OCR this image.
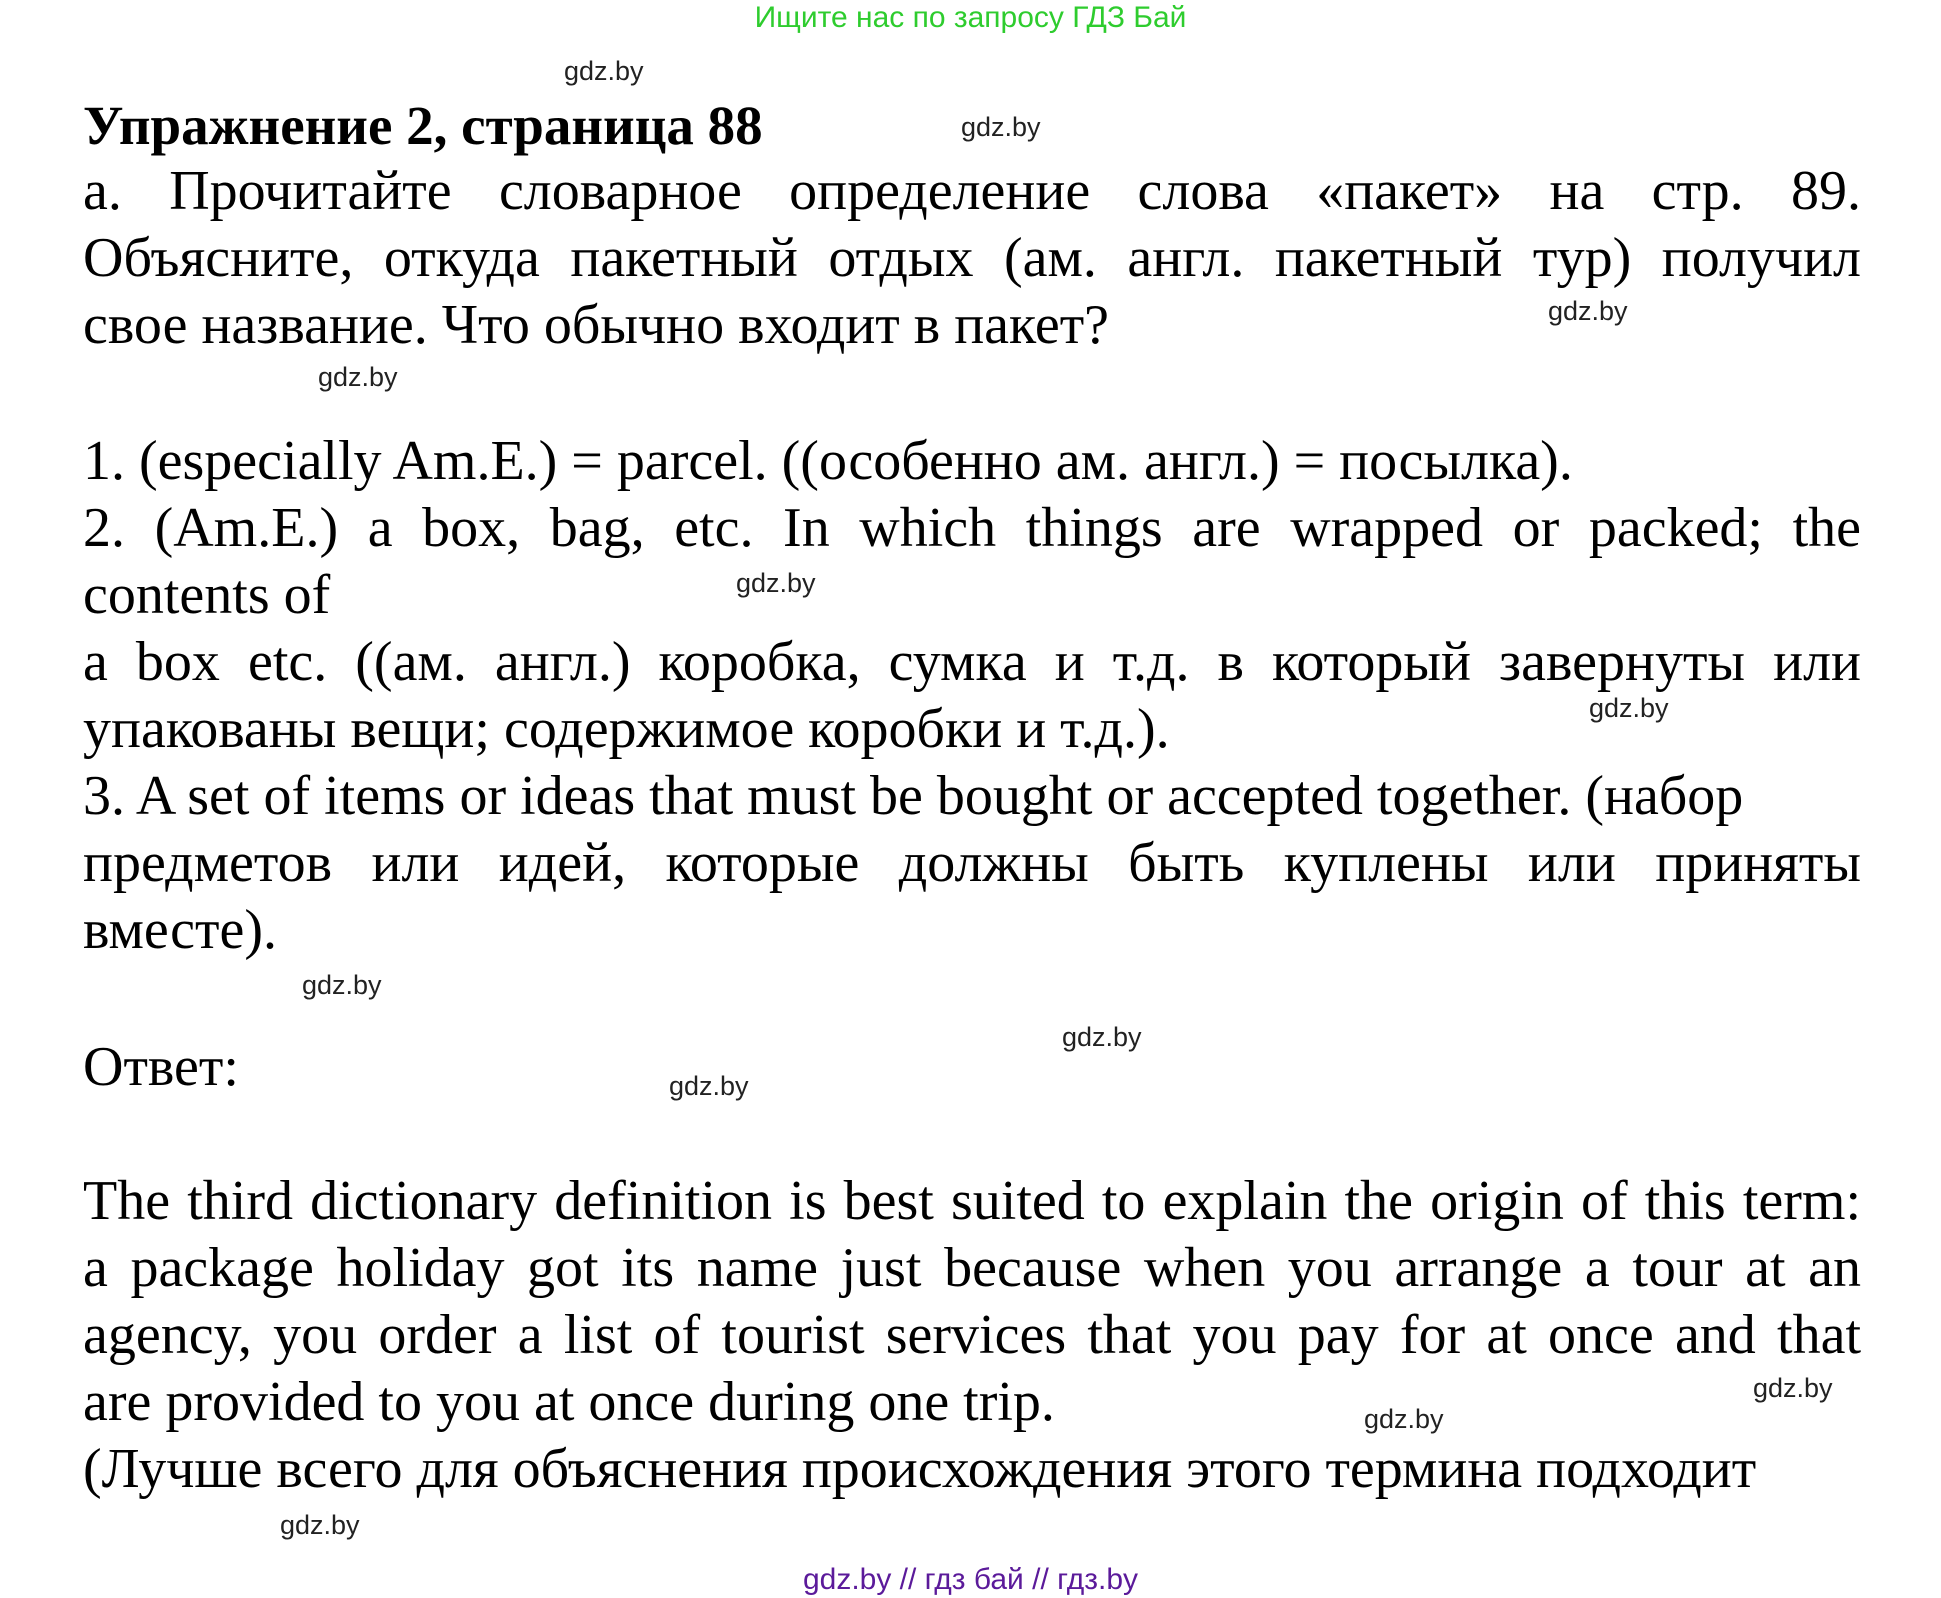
Ищите нас по запросу ГДЗ Бай
gdz.by
gdz.by
gdz.by
gdz.by
gdz.by
gdz.by
gdz.by
gdz.by
gdz.by
gdz.by
gdz.by
gdz.by
Упражнение 2, страница 88
а. Прочитайте словарное определение слова «пакет» на стр. 89.
Объясните, откуда пакетный отдых (ам. англ. пакетный тур) получил
свое название. Что обычно входит в пакет?
1. (especially Am.E.) = parcel. ((особенно ам. англ.) = посылка).
2. (Am.E.) a box, bag, etc. In which things are wrapped or packed; the
contents of
a box etc. ((ам. англ.) коробка, сумка и т.д. в который завернуты или
упакованы вещи; содержимое коробки и т.д.).
3. A set of items or ideas that must be bought or accepted together. (набор
предметов или идей, которые должны быть куплены или приняты
вместе).
Ответ:
The third dictionary definition is best suited to explain the origin of this term:
a package holiday got its name just because when you arrange a tour at an
agency, you order a list of tourist services that you pay for at once and that
are provided to you at once during one trip.
(Лучше всего для объяснения происхождения этого термина подходит
gdz.by // гдз бай // гдз.by
